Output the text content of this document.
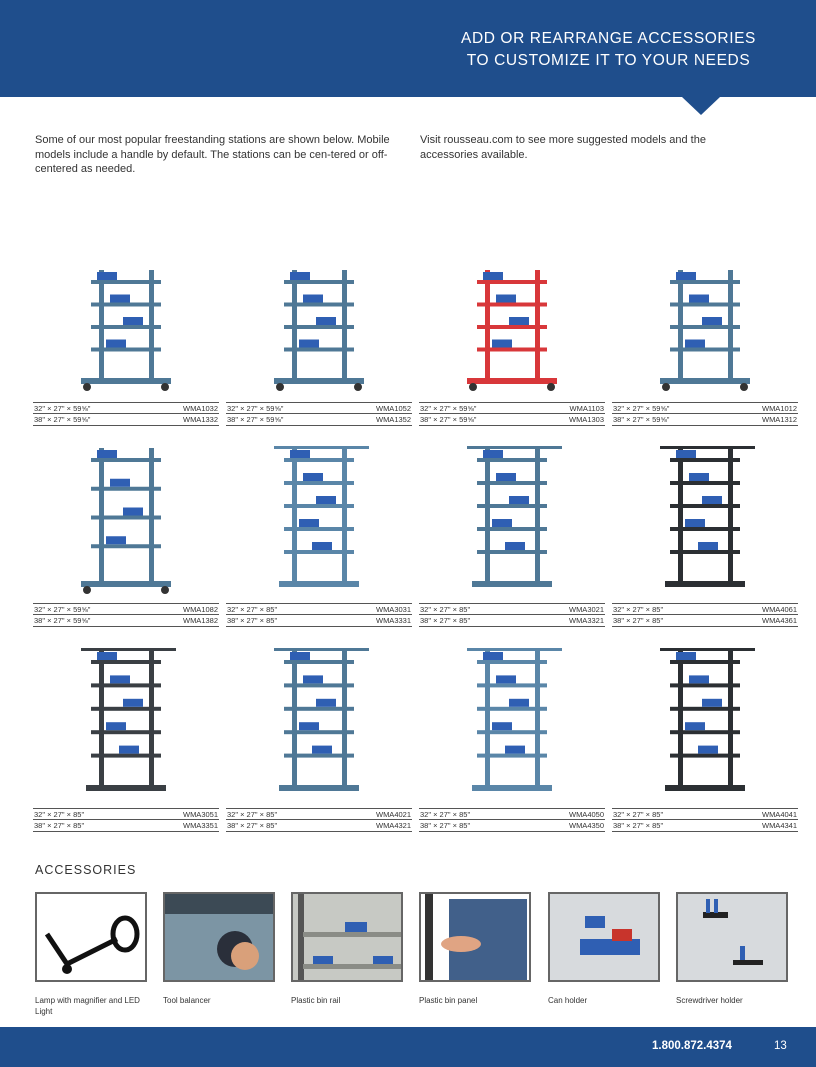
ADD OR REARRANGE ACCESSORIES
TO CUSTOMIZE IT TO YOUR NEEDS
Some of our most popular freestanding stations are shown below. Mobile models include a handle by default. The stations can be cen-tered or off-centered as needed.
Visit rousseau.com to see more suggested models and the accessories available.
32" × 27" × 59⅝"	WMA1032
38" × 27" × 59⅝"	WMA1332
32" × 27" × 59⅝"	WMA1052
38" × 27" × 59⅝"	WMA1352
32" × 27" × 59⅝"	WMA1103
38" × 27" × 59⅝"	WMA1303
32" × 27" × 59⅝"	WMA1012
38" × 27" × 59⅝"	WMA1312
32" × 27" × 59⅝"	WMA1082
38" × 27" × 59⅝"	WMA1382
32" × 27" × 85"	WMA3031
38" × 27" × 85"	WMA3331
32" × 27" × 85"	WMA3021
38" × 27" × 85"	WMA3321
32" × 27" × 85"	WMA4061
38" × 27" × 85"	WMA4361
32" × 27" × 85"	WMA3051
38" × 27" × 85"	WMA3351
32" × 27" × 85"	WMA4021
38" × 27" × 85"	WMA4321
32" × 27" × 85"	WMA4050
38" × 27" × 85"	WMA4350
32" × 27" × 85"	WMA4041
38" × 27" × 85"	WMA4341
ACCESSORIES
Lamp with magnifier and LED Light
Tool balancer	Plastic bin rail	Plastic bin panel	Can holder	Screwdriver holder
1.800.872.4374	13
